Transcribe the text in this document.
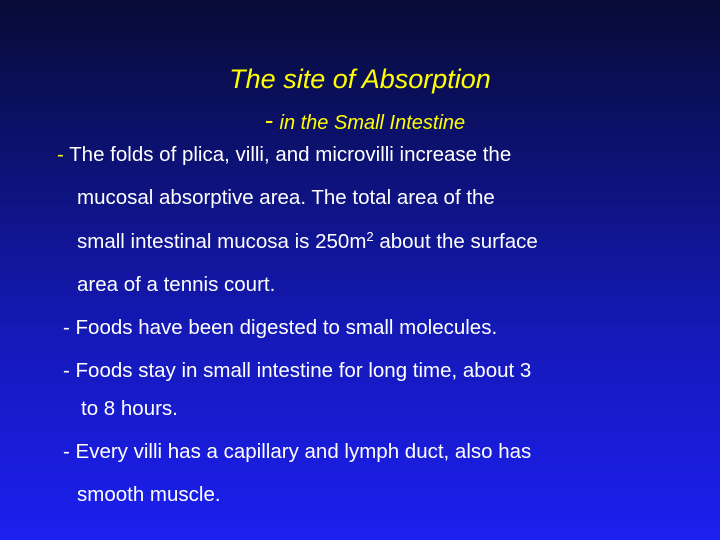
The site of Absorption
- in the Small Intestine
- The folds of plica, villi, and microvilli increase the
mucosal absorptive area. The total area of the
small intestinal mucosa is $250m^2$ about the surface
area of a tennis court.
- Foods have been digested to small molecules.
- Foods stay in small intestine for long time, about 3
to 8 hours.
- Every villi has a capillary and lymph duct, also has
smooth muscle.
